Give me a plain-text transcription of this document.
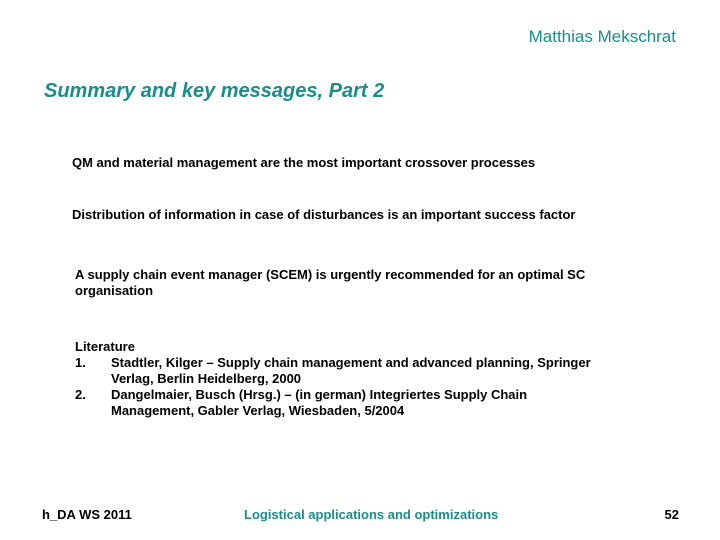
Matthias Mekschrat
Summary and key messages, Part 2
QM and material management are the most important crossover processes
Distribution of information in case of disturbances is an important success factor
A supply chain event manager (SCEM) is urgently recommended for an optimal SC organisation
Literature
1.	Stadtler, Kilger – Supply chain management and advanced planning, Springer Verlag, Berlin Heidelberg, 2000
2.	Dangelmaier, Busch (Hrsg.) – (in german) Integriertes Supply Chain Management, Gabler Verlag, Wiesbaden, 5/2004
h_DA WS 2011	Logistical applications and optimizations	52
